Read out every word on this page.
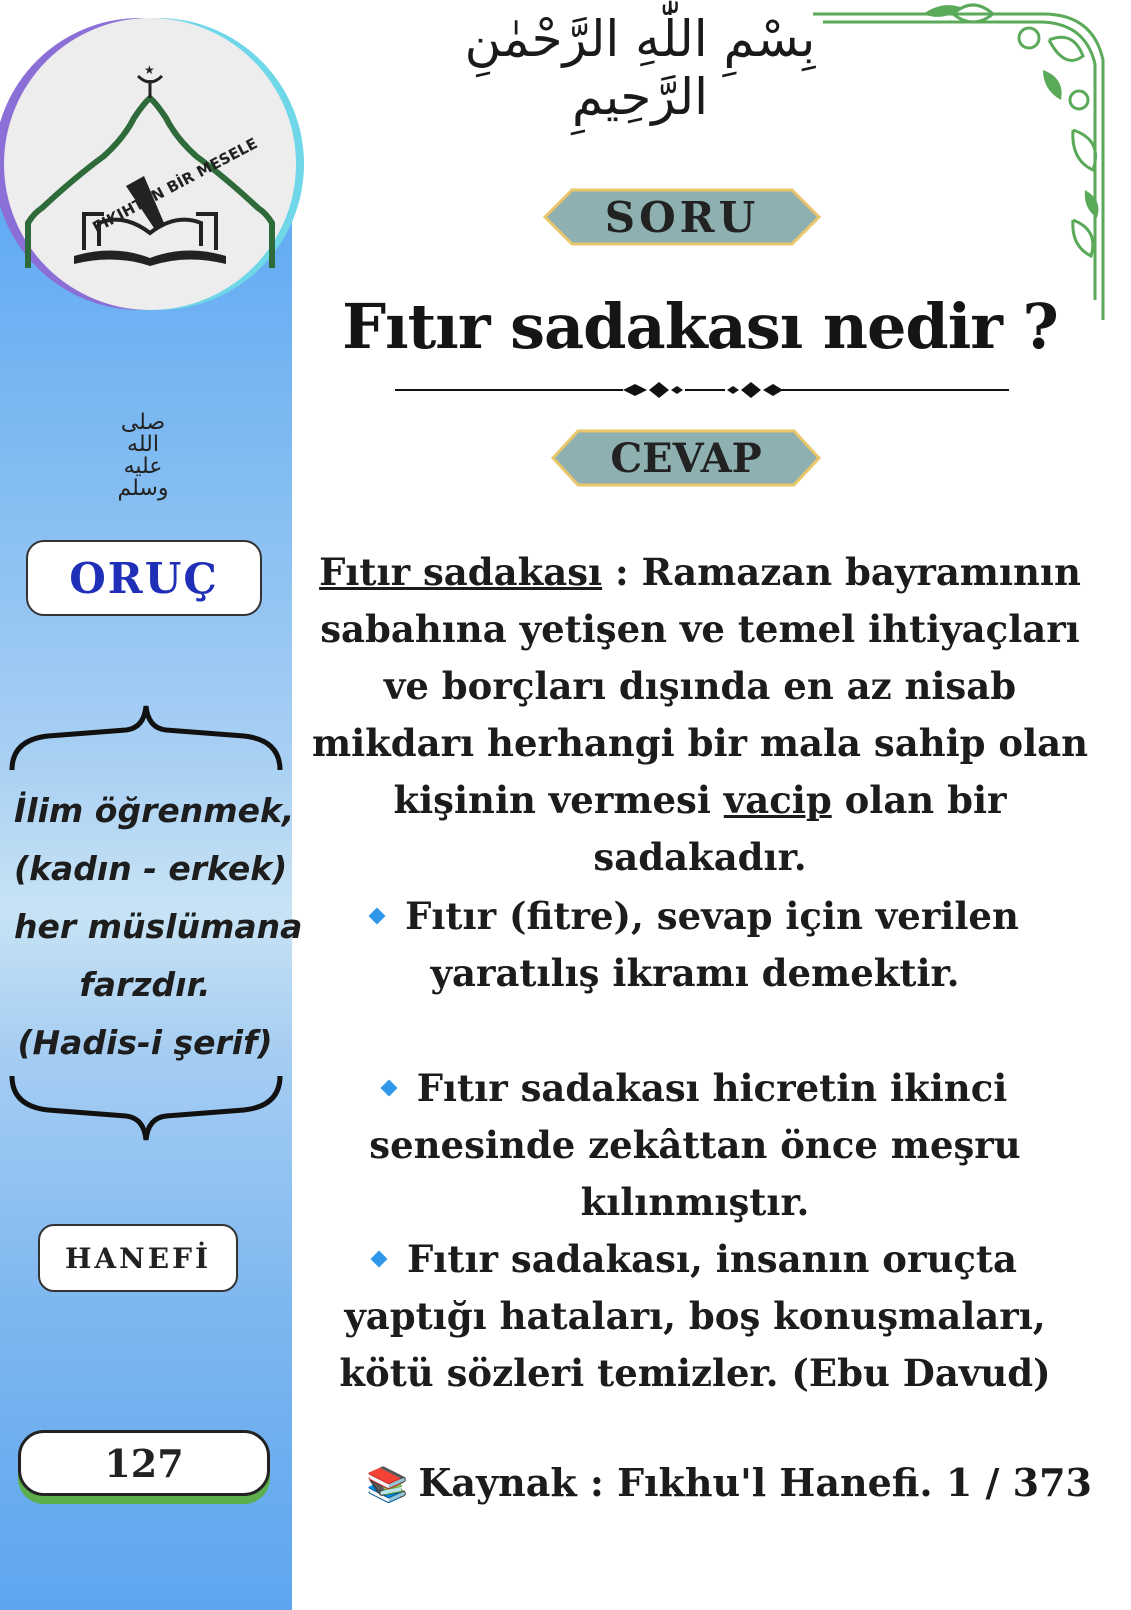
★
FIKIHTAN BİR MESELE
صلى الله عليه وسلم
ORUÇ
İlim öğrenmek,
(kadın - erkek)
her müslümana
farzdır.
(Hadis-i şerif)
HANEFİ
127
بِسْمِ اللّٰهِ الرَّحْمٰنِ الرَّحِيمِ
SORU
Fıtır sadakası nedir ?
CEVAP
Fıtır sadakası : Ramazan bayramının sabahına yetişen ve temel ihtiyaçları ve borçları dışında en az nisab mikdarı herhangi bir mala sahip olan kişinin vermesi vacip olan bir sadakadır.
Fıtır (fitre), sevap için verilen yaratılış ikramı demektir.
Fıtır sadakası hicretin ikinci senesinde zekâttan önce meşru kılınmıştır.
Fıtır sadakası, insanın oruçta yaptığı hataları, boş konuşmaları, kötü sözleri temizler. (Ebu Davud)
📚 Kaynak : Fıkhu'l Hanefi. 1 / 373
